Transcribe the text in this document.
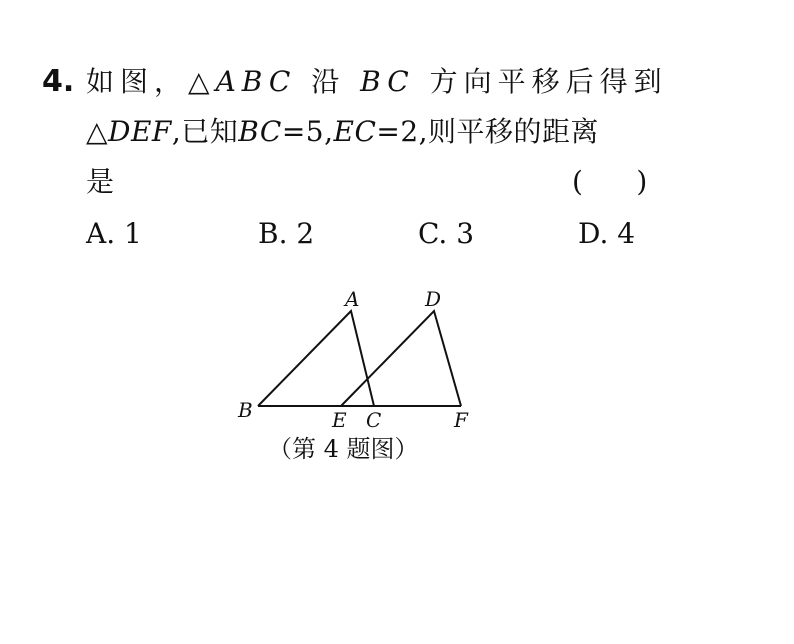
4. 如图，△ABC 沿 BC 方向平移后得到
△DEF,已知BC=5,EC=2,则平移的距离
是	(      )
A. 1	B. 2	C. 3	D. 4
A	D
B	E C	F
（第 4 题图）
